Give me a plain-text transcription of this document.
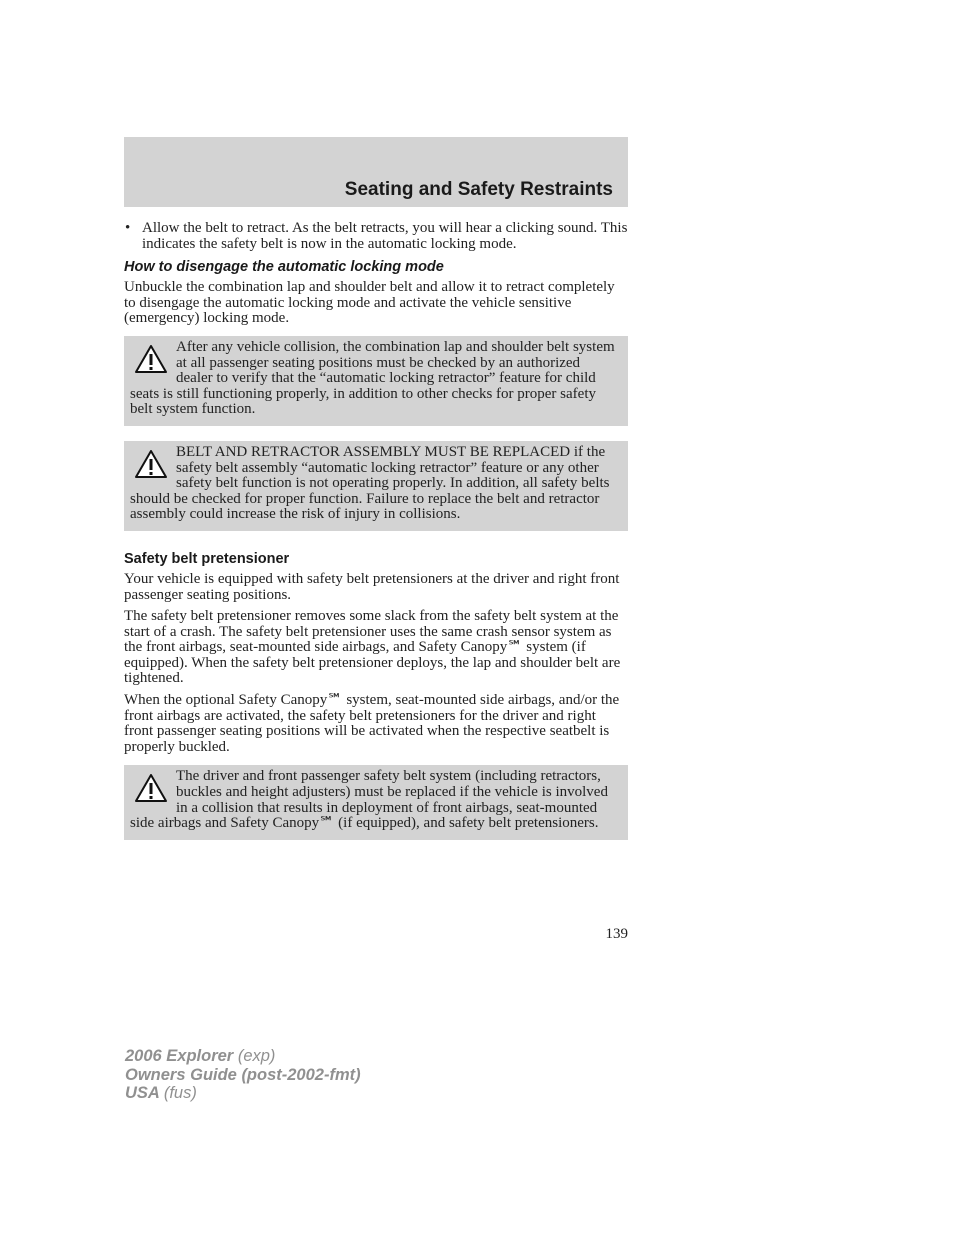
Seating and Safety Restraints
• Allow the belt to retract. As the belt retracts, you will hear a clicking sound. This indicates the safety belt is now in the automatic locking mode.
How to disengage the automatic locking mode

Unbuckle the combination lap and shoulder belt and allow it to retract completely to disengage the automatic locking mode and activate the vehicle sensitive (emergency) locking mode.

After any vehicle collision, the combination lap and shoulder belt system at all passenger seating positions must be checked by an authorized dealer to verify that the “automatic locking retractor” feature for child seats is still functioning properly, in addition to other checks for proper safety belt system function.

BELT AND RETRACTOR ASSEMBLY MUST BE REPLACED if the safety belt assembly “automatic locking retractor” feature or any other safety belt function is not operating properly. In addition, all safety belts should be checked for proper function. Failure to replace the belt and retractor assembly could increase the risk of injury in collisions.

Safety belt pretensioner

Your vehicle is equipped with safety belt pretensioners at the driver and right front passenger seating positions.

The safety belt pretensioner removes some slack from the safety belt system at the start of a crash. The safety belt pretensioner uses the same crash sensor system as the front airbags, seat-mounted side airbags, and Safety Canopy℠ system (if equipped). When the safety belt pretensioner deploys, the lap and shoulder belt are tightened.

When the optional Safety Canopy℠ system, seat-mounted side airbags, and/or the front airbags are activated, the safety belt pretensioners for the driver and right front passenger seating positions will be activated when the respective seatbelt is properly buckled.

The driver and front passenger safety belt system (including retractors, buckles and height adjusters) must be replaced if the vehicle is involved in a collision that results in deployment of front airbags, seat-mounted side airbags and Safety Canopy℠ (if equipped), and safety belt pretensioners.

139
2006 Explorer (exp)
Owners Guide (post-2002-fmt)
USA (fus)
